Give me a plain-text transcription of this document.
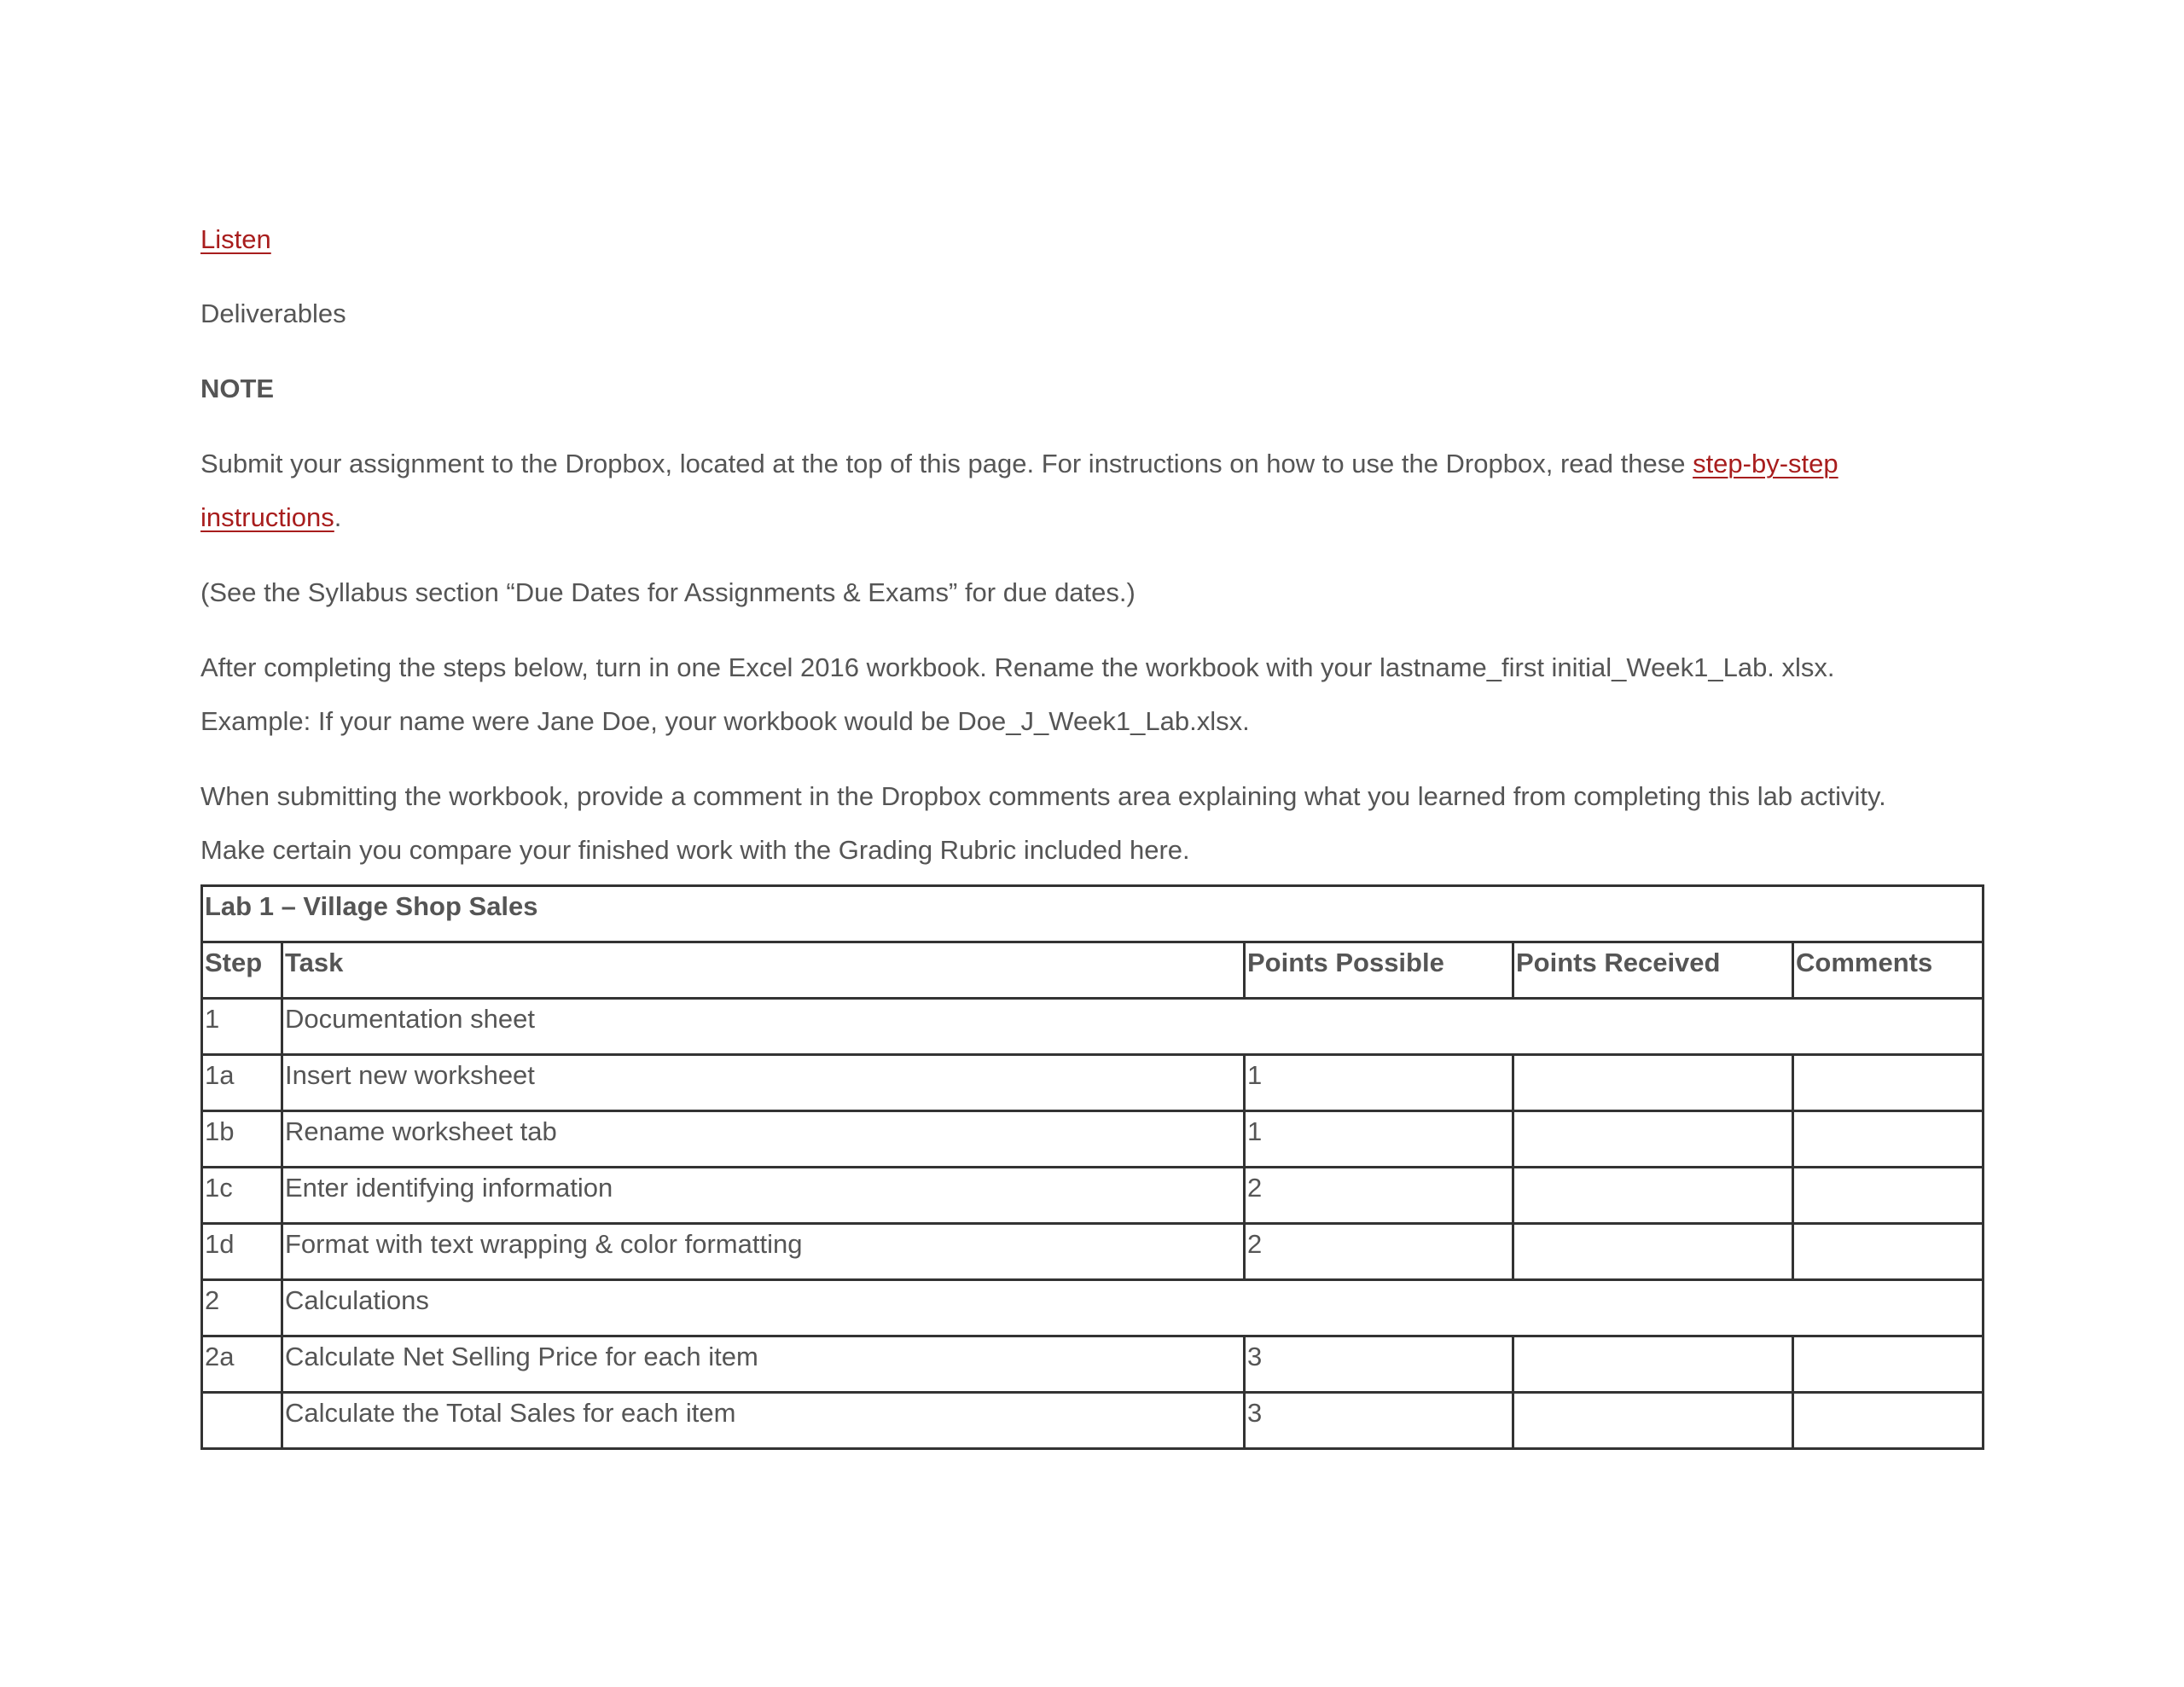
Listen
Deliverables
NOTE
Submit your assignment to the Dropbox, located at the top of this page. For instructions on how to use the Dropbox, read these step-by-step
instructions.
(See the Syllabus section “Due Dates for Assignments & Exams” for due dates.)
After completing the steps below, turn in one Excel 2016 workbook. Rename the workbook with your lastname_first initial_Week1_Lab. xlsx.
Example: If your name were Jane Doe, your workbook would be Doe_J_Week1_Lab.xlsx.
When submitting the workbook, provide a comment in the Dropbox comments area explaining what you learned from completing this lab activity.
Make certain you compare your finished work with the Grading Rubric included here.
Lab 1 – Village Shop Sales				
Step	Task	Points Possible	Points Received	Comments
1	Documentation sheet			
1a	Insert new worksheet	1		
1b	Rename worksheet tab	1		
1c	Enter identifying information	2		
1d	Format with text wrapping & color formatting	2		
2	Calculations			
2a	Calculate Net Selling Price for each item	3		
	Calculate the Total Sales for each item	3		
